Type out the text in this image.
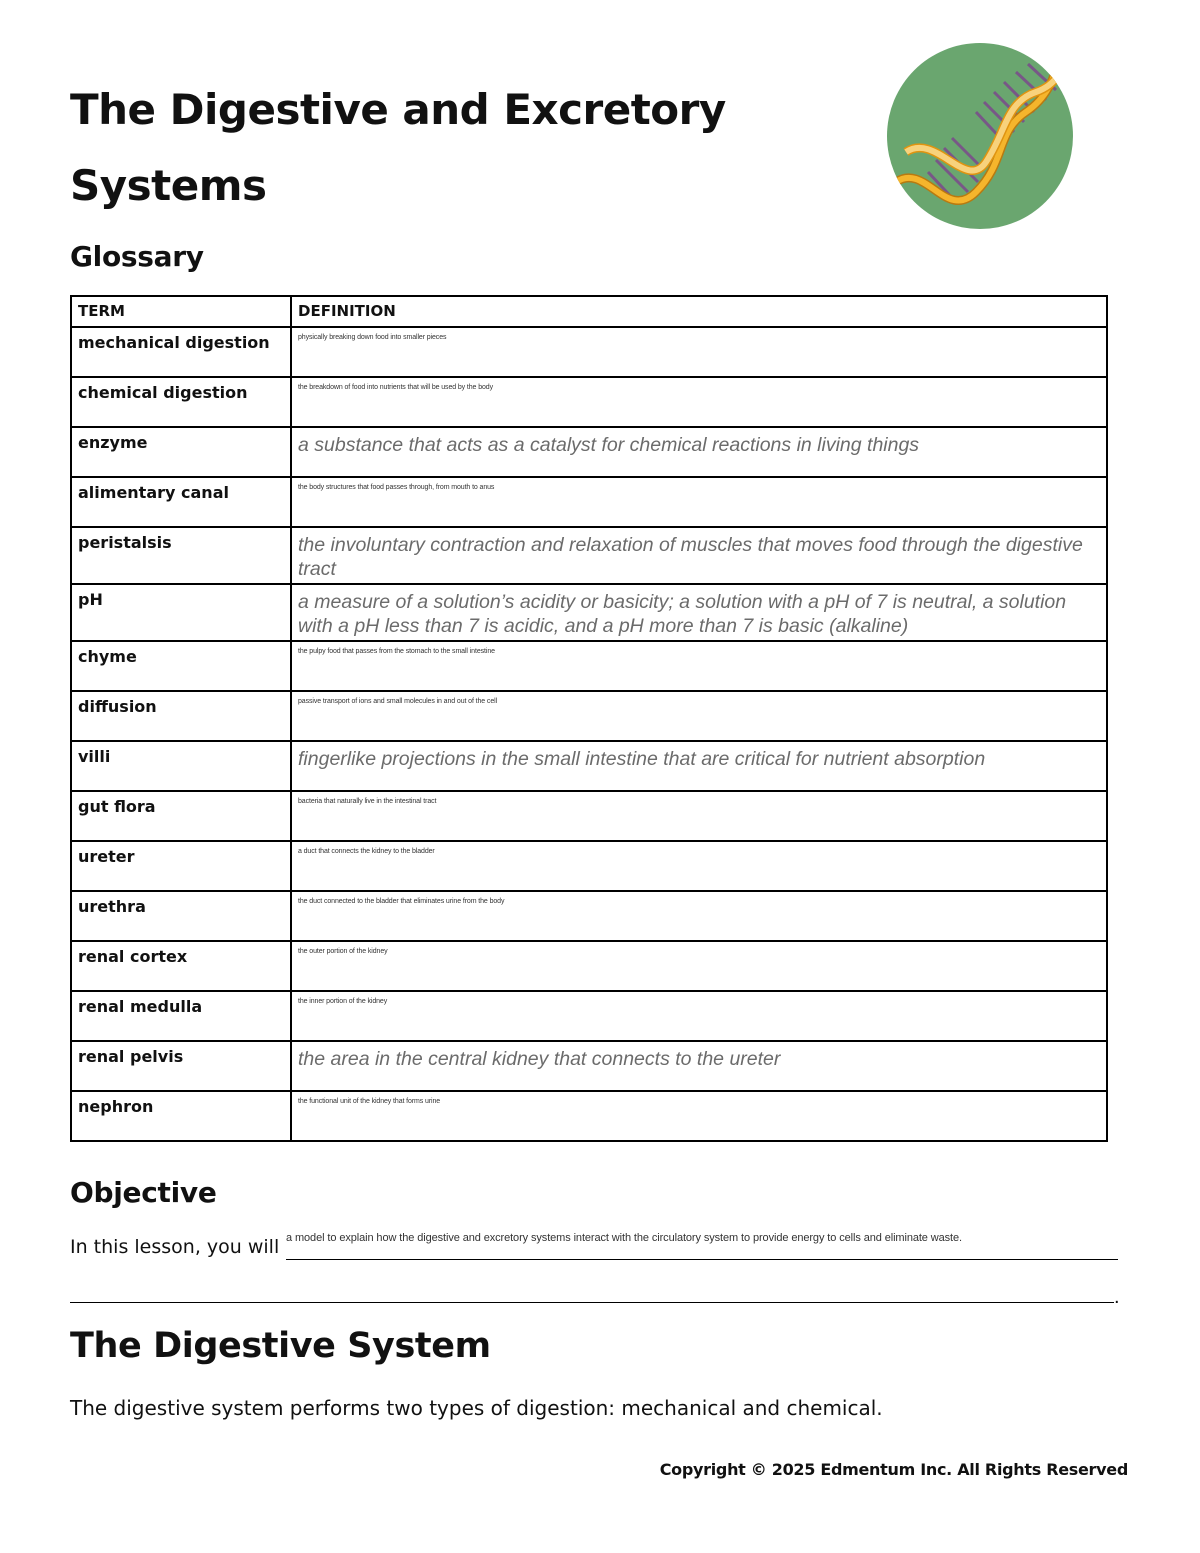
The Digestive and Excretory Systems
Glossary
TERM	DEFINITION
mechanical digestion	physically breaking down food into smaller pieces
chemical digestion	the breakdown of food into nutrients that will be used by the body
enzyme	a substance that acts as a catalyst for chemical reactions in living things
alimentary canal	the body structures that food passes through, from mouth to anus
peristalsis	the involuntary contraction and relaxation of muscles that moves food through the digestive tract
pH	a measure of a solution’s acidity or basicity; a solution with a pH of 7 is neutral, a solution with a pH less than 7 is acidic, and a pH more than 7 is basic (alkaline)
chyme	the pulpy food that passes from the stomach to the small intestine
diffusion	passive transport of ions and small molecules in and out of the cell
villi	fingerlike projections in the small intestine that are critical for nutrient absorption
gut flora	bacteria that naturally live in the intestinal tract
ureter	a duct that connects the kidney to the bladder
urethra	the duct connected to the bladder that eliminates urine from the body
renal cortex	the outer portion of the kidney
renal medulla	the inner portion of the kidney
renal pelvis	the area in the central kidney that connects to the ureter
nephron	the functional unit of the kidney that forms urine
Objective
In this lesson, you will a model to explain how the digestive and excretory systems interact with the circulatory system to provide energy to cells and eliminate waste.
.
The Digestive System

The digestive system performs two types of digestion: mechanical and chemical.

Copyright © 2025 Edmentum Inc. All Rights Reserved
